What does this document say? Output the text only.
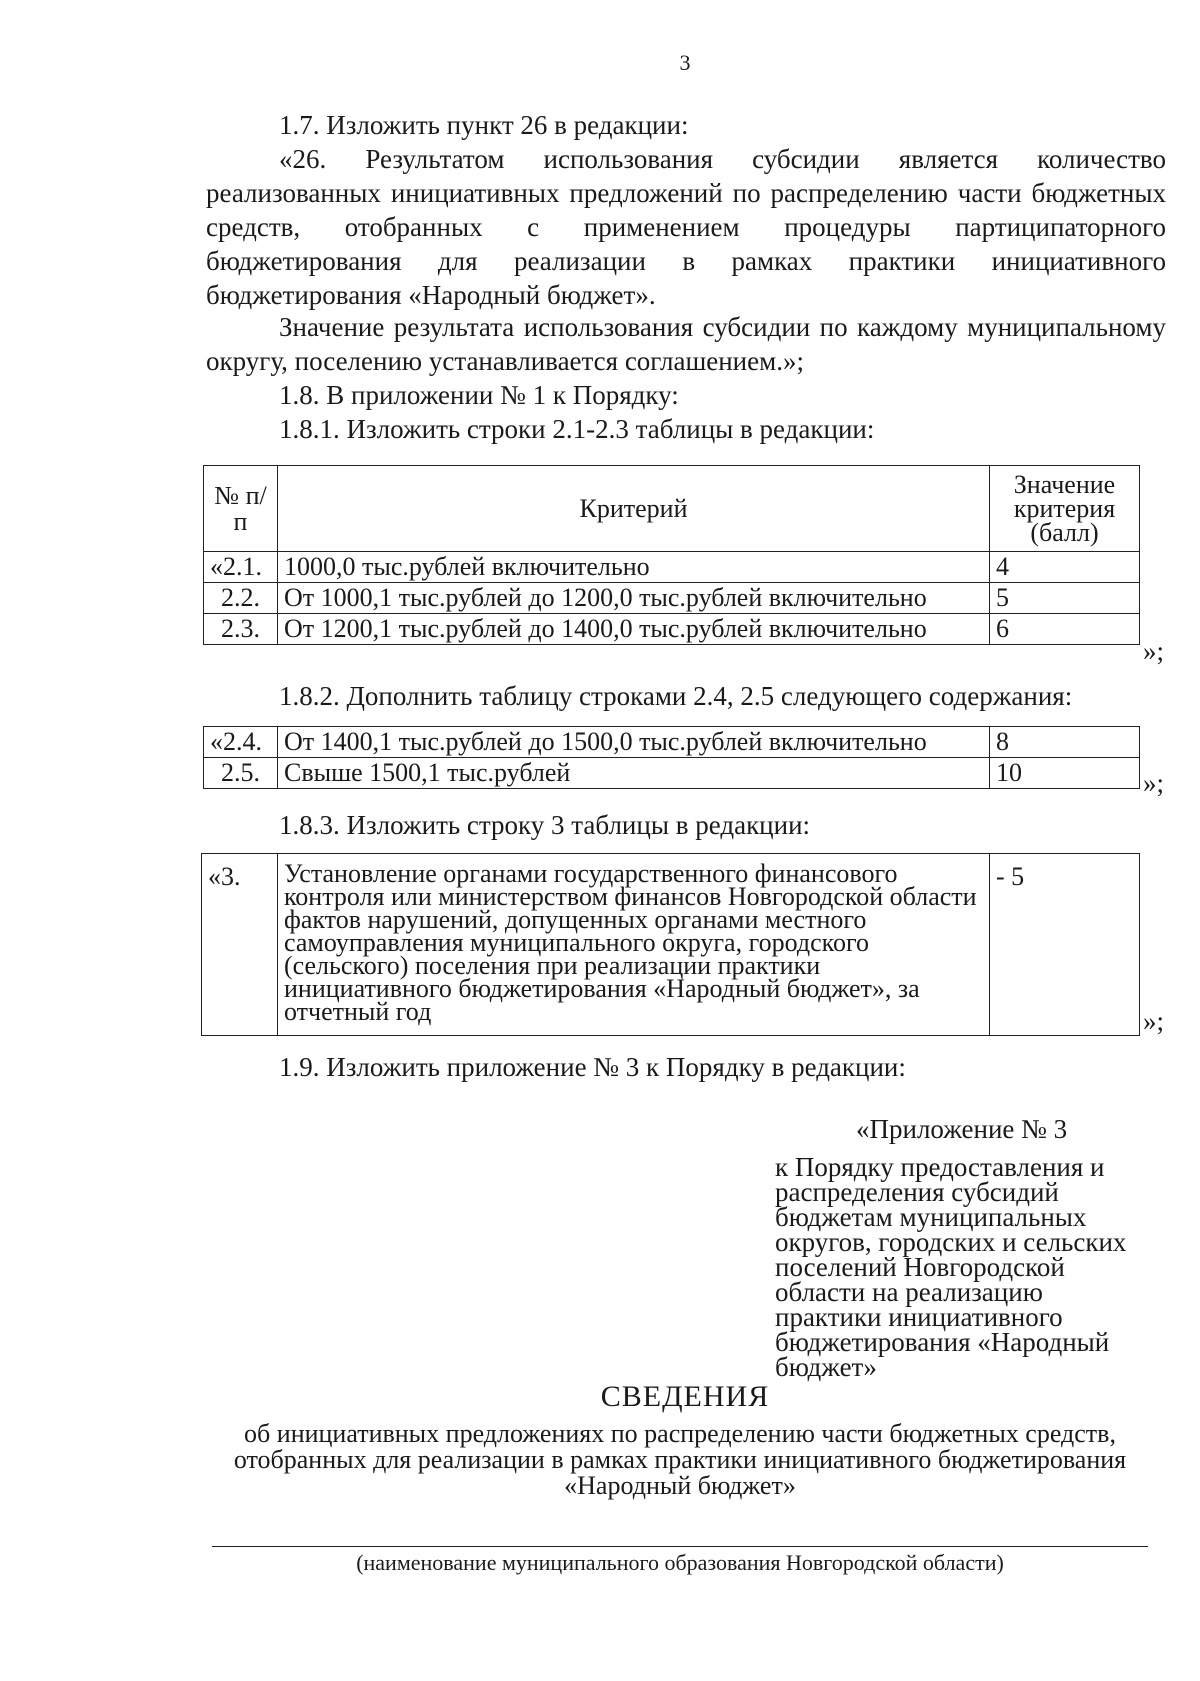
3
1.7. Изложить пункт 26 в редакции:
«26. Результатом использования субсидии является количество реализованных инициативных предложений по распределению части бюджетных средств, отобранных с применением процедуры партиципаторного бюджетирования для реализации в рамках практики инициативного бюджетирования «Народный бюджет».
Значение результата использования субсидии по каждому муниципальному округу, поселению устанавливается соглашением.»;
1.8. В приложении № 1 к Порядку:
1.8.1. Изложить строки 2.1-2.3 таблицы в редакции:
№ п/п	Критерий	Значение критерия (балл)
«2.1.	1000,0 тыс.рублей включительно	4
2.2.	От 1000,1 тыс.рублей до 1200,0 тыс.рублей включительно	5
2.3.	От 1200,1 тыс.рублей до 1400,0 тыс.рублей включительно	6
»;
1.8.2. Дополнить таблицу строками 2.4, 2.5 следующего содержания:
«2.4.	От 1400,1 тыс.рублей до 1500,0 тыс.рублей включительно	8
2.5.	Свыше 1500,1 тыс.рублей	10	»;
1.8.3. Изложить строку 3 таблицы в редакции:
«3.	Установление органами государственного финансового контроля или министерством финансов Новгородской области фактов нарушений, допущенных органами местного самоуправления муниципального округа, городского (сельского) поселения при реализации практики инициативного бюджетирования «Народный бюджет», за отчетный год	- 5
»;
1.9. Изложить приложение № 3 к Порядку в редакции:
«Приложение № 3
к Порядку предоставления и распределения субсидий бюджетам муниципальных округов, городских и сельских поселений Новгородской области на реализацию практики инициативного бюджетирования «Народный бюджет»
СВЕДЕНИЯ
об инициативных предложениях по распределению части бюджетных средств, отобранных для реализации в рамках практики инициативного бюджетирования «Народный бюджет»
(наименование муниципального образования Новгородской области)
